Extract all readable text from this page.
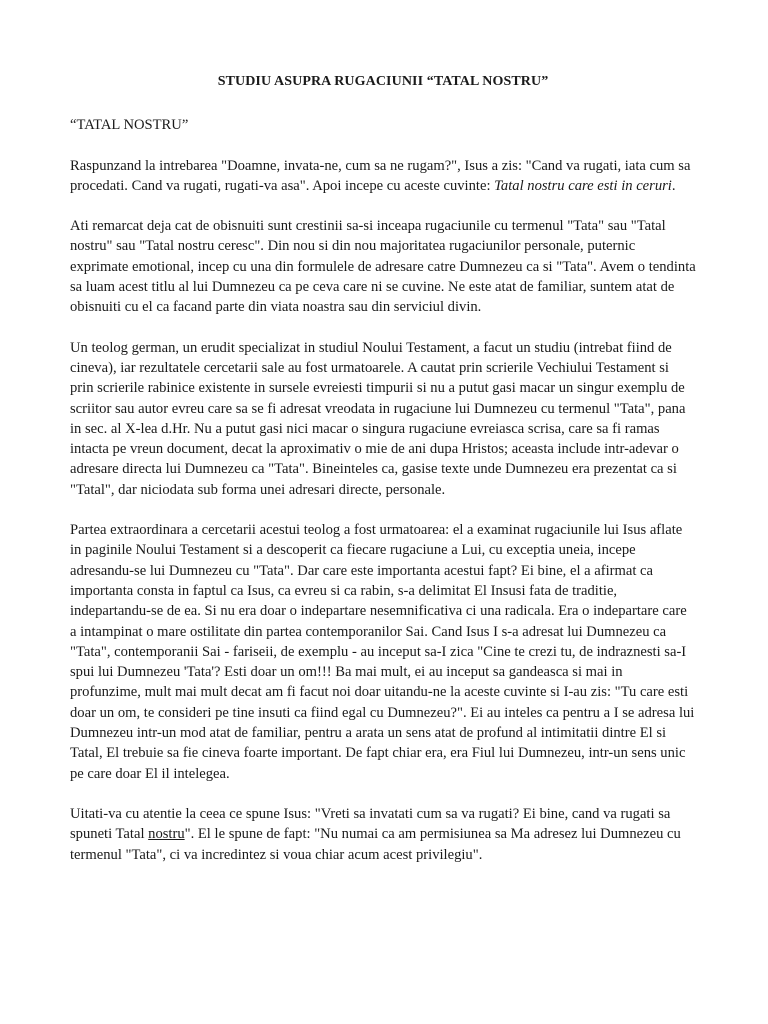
STUDIU ASUPRA RUGACIUNII “TATAL NOSTRU”
“TATAL NOSTRU”

Raspunzand la intrebarea "Doamne, invata-ne, cum sa ne rugam?", Isus a zis: "Cand va rugati, iata cum sa procedati. Cand va rugati, rugati-va asa". Apoi incepe cu aceste cuvinte: Tatal nostru care esti in ceruri.

Ati remarcat deja cat de obisnuiti sunt crestinii sa-si inceapa rugaciunile cu termenul "Tata" sau "Tatal nostru" sau "Tatal nostru ceresc". Din nou si din nou majoritatea rugaciunilor personale, puternic exprimate emotional, incep cu una din formulele de adresare catre Dumnezeu ca si "Tata". Avem o tendinta sa luam acest titlu al lui Dumnezeu ca pe ceva care ni se cuvine. Ne este atat de familiar, suntem atat de obisnuiti cu el ca facand parte din viata noastra sau din serviciul divin.

Un teolog german, un erudit specializat in studiul Noului Testament, a facut un studiu (intrebat fiind de cineva), iar rezultatele cercetarii sale au fost urmatoarele. A cautat prin scrierile Vechiului Testament si prin scrierile rabinice existente in sursele evreiesti timpurii si nu a putut gasi macar un singur exemplu de scriitor sau autor evreu care sa se fi adresat vreodata in rugaciune lui Dumnezeu cu termenul "Tata", pana in sec. al X-lea d.Hr. Nu a putut gasi nici macar o singura rugaciune evreiasca scrisa, care sa fi ramas intacta pe vreun document, decat la aproximativ o mie de ani dupa Hristos; aceasta include intr-adevar o adresare directa lui Dumnezeu ca "Tata". Bineinteles ca, gasise texte unde Dumnezeu era prezentat ca si "Tatal", dar niciodata sub forma unei adresari directe, personale.

Partea extraordinara a cercetarii acestui teolog a fost urmatoarea: el a examinat rugaciunile lui Isus aflate in paginile Noului Testament si a descoperit ca fiecare rugaciune a Lui, cu exceptia uneia, incepe adresandu-se lui Dumnezeu cu "Tata". Dar care este importanta acestui fapt? Ei bine, el a afirmat ca importanta consta in faptul ca Isus, ca evreu si ca rabin, s-a delimitat El Insusi fata de traditie, indepartandu-se de ea. Si nu era doar o indepartare nesemnificativa ci una radicala. Era o indepartare care a intampinat o mare ostilitate din partea contemporanilor Sai. Cand Isus I s-a adresat lui Dumnezeu ca "Tata", contemporanii Sai - fariseii, de exemplu - au inceput sa-I zica "Cine te crezi tu, de indraznesti sa-I spui lui Dumnezeu 'Tata'? Esti doar un om!!! Ba mai mult, ei au inceput sa gandeasca si mai in profunzime, mult mai mult decat am fi facut noi doar uitandu-ne la aceste cuvinte si I-au zis: "Tu care esti doar un om, te consideri pe tine insuti ca fiind egal cu Dumnezeu?". Ei au inteles ca pentru a I se adresa lui Dumnezeu intr-un mod atat de familiar, pentru a arata un sens atat de profund al intimitatii dintre El si Tatal, El trebuie sa fie cineva foarte important. De fapt chiar era, era Fiul lui Dumnezeu, intr-un sens unic pe care doar El il intelegea.

Uitati-va cu atentie la ceea ce spune Isus: "Vreti sa invatati cum sa va rugati? Ei bine, cand va rugati sa spuneti Tatal nostru". El le spune de fapt: "Nu numai ca am permisiunea sa Ma adresez lui Dumnezeu cu termenul "Tata", ci va incredintez si voua chiar acum acest privilegiu".
